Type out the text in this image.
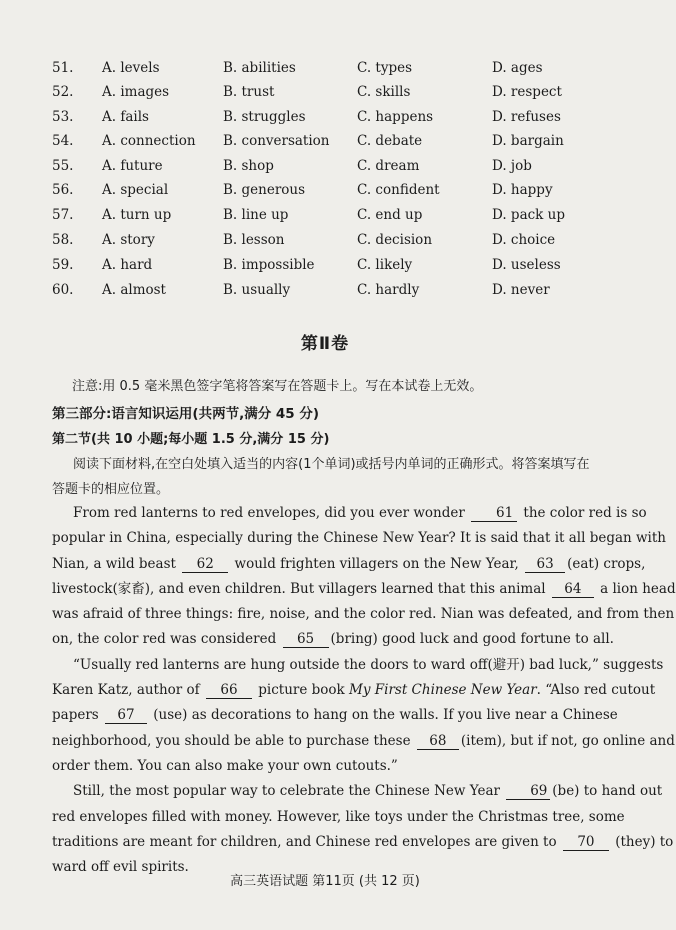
51. A. levels	B. abilities	C. types	D. ages
52. A. images	B. trust	C. skills	D. respect
53. A. fails	B. struggles	C. happens	D. refuses
54. A. connection B. conversation C. debate	D. bargain
55. A. future	B. shop	C. dream	D. job
56. A. special	B. generous	C. confident	D. happy
57. A. turn up	B. line up	C. end up	D. pack up
58. A. story	B. lesson	C. decision	D. choice
59. A. hard	B. impossible	C. likely	D. useless
60. A. almost	B. usually	C. hardly	D. never
第Ⅱ卷
注意:用 0.5 毫米黑色签字笔将答案写在答题卡上。写在本试卷上无效。
第三部分:语言知识运用(共两节,满分 45 分)
第二节(共 10 小题;每小题 1.5 分,满分 15 分)
阅读下面材料,在空白处填入适当的内容(1个单词)或括号内单词的正确形式。将答案填写在答题卡的相应位置。
From red lanterns to red envelopes, did you ever wonder 61 the color red is so
popular in China, especially during the Chinese New Year? It is said that it all began with
Nian, a wild beast 62 would frighten villagers on the New Year, 63 (eat) crops,
livestock(家畜), and even children. But villagers learned that this animal 64 a lion head
was afraid of three things: fire, noise, and the color red. Nian was defeated, and from then
on, the color red was considered 65 (bring) good luck and good fortune to all.
“Usually red lanterns are hung outside the doors to ward off(避开) bad luck,” suggests
Karen Katz, author of 66 picture book My First Chinese New Year. “Also red cutout
papers 67 (use) as decorations to hang on the walls. If you live near a Chinese
neighborhood, you should be able to purchase these 68 (item), but if not, go online and
order them. You can also make your own cutouts.”
Still, the most popular way to celebrate the Chinese New Year 69 (be) to hand out
red envelopes filled with money. However, like toys under the Christmas tree, some
traditions are meant for children, and Chinese red envelopes are given to 70 (they) to
ward off evil spirits.
高三英语试题 第11页 (共 12 页)
